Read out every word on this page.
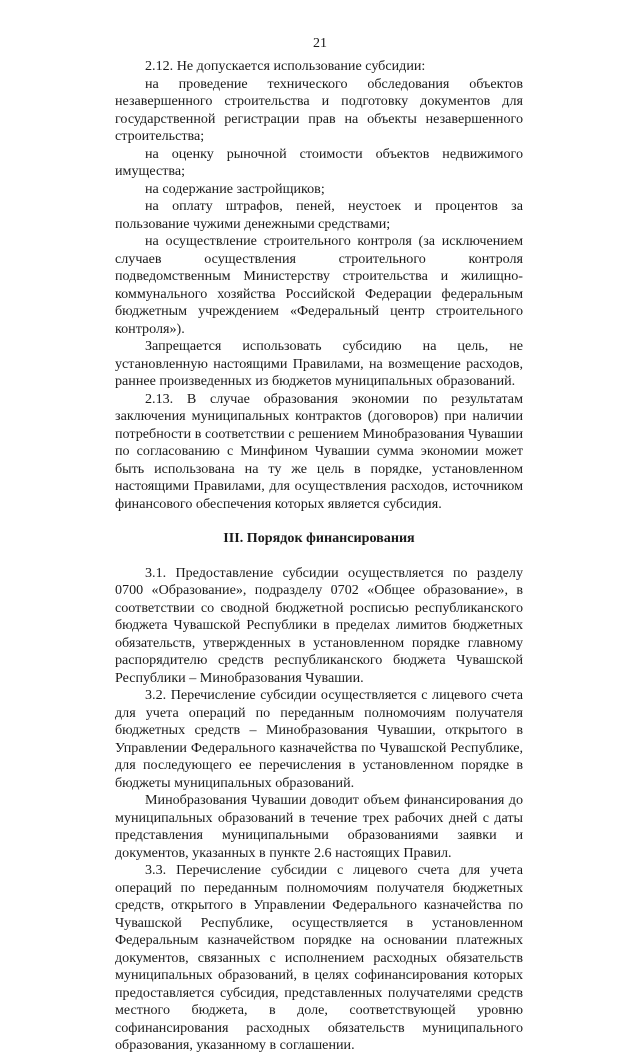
21

2.12. Не допускается использование субсидии:

на проведение технического обследования объектов незавершенного строительства и подготовку документов для государственной регистрации прав на объекты незавершенного строительства;

на оценку рыночной стоимости объектов недвижимого имущества;

на содержание застройщиков;

на оплату штрафов, пеней, неустоек и процентов за пользование чужими денежными средствами;

на осуществление строительного контроля (за исключением случаев осуществления строительного контроля подведомственным Министерству строительства и жилищно-коммунального хозяйства Российской Федерации федеральным бюджетным учреждением «Федеральный центр строительного контроля»).

Запрещается использовать субсидию на цель, не установленную настоящими Правилами, на возмещение расходов, раннее произведенных из бюджетов муниципальных образований.

2.13. В случае образования экономии по результатам заключения муниципальных контрактов (договоров) при наличии потребности в соответствии с решением Минобразования Чувашии по согласованию с Минфином Чувашии сумма экономии может быть использована на ту же цель в порядке, установленном настоящими Правилами, для осуществления расходов, источником финансового обеспечения которых является субсидия.

III. Порядок финансирования

3.1. Предоставление субсидии осуществляется по разделу 0700 «Образование», подразделу 0702 «Общее образование», в соответствии со сводной бюджетной росписью республиканского бюджета Чувашской Республики в пределах лимитов бюджетных обязательств, утвержденных в установленном порядке главному распорядителю средств республиканского бюджета Чувашской Республики – Минобразования Чувашии.

3.2. Перечисление субсидии осуществляется с лицевого счета для учета операций по переданным полномочиям получателя бюджетных средств – Минобразования Чувашии, открытого в Управлении Федерального казначейства по Чувашской Республике, для последующего ее перечисления в установленном порядке в бюджеты муниципальных образований.

Минобразования Чувашии доводит объем финансирования до муниципальных образований в течение трех рабочих дней с даты представления муниципальными образованиями заявки и документов, указанных в пункте 2.6 настоящих Правил.

3.3. Перечисление субсидии с лицевого счета для учета операций по переданным полномочиям получателя бюджетных средств, открытого в Управлении Федерального казначейства по Чувашской Республике, осуществляется в установленном Федеральным казначейством порядке на основании платежных документов, связанных с исполнением расходных обязательств муниципальных образований, в целях софинансирования которых предоставляется субсидия, представленных получателями средств местного бюджета, в доле, соответствующей уровню софинансирования расходных обязательств муниципального образования, указанному в соглашении.
